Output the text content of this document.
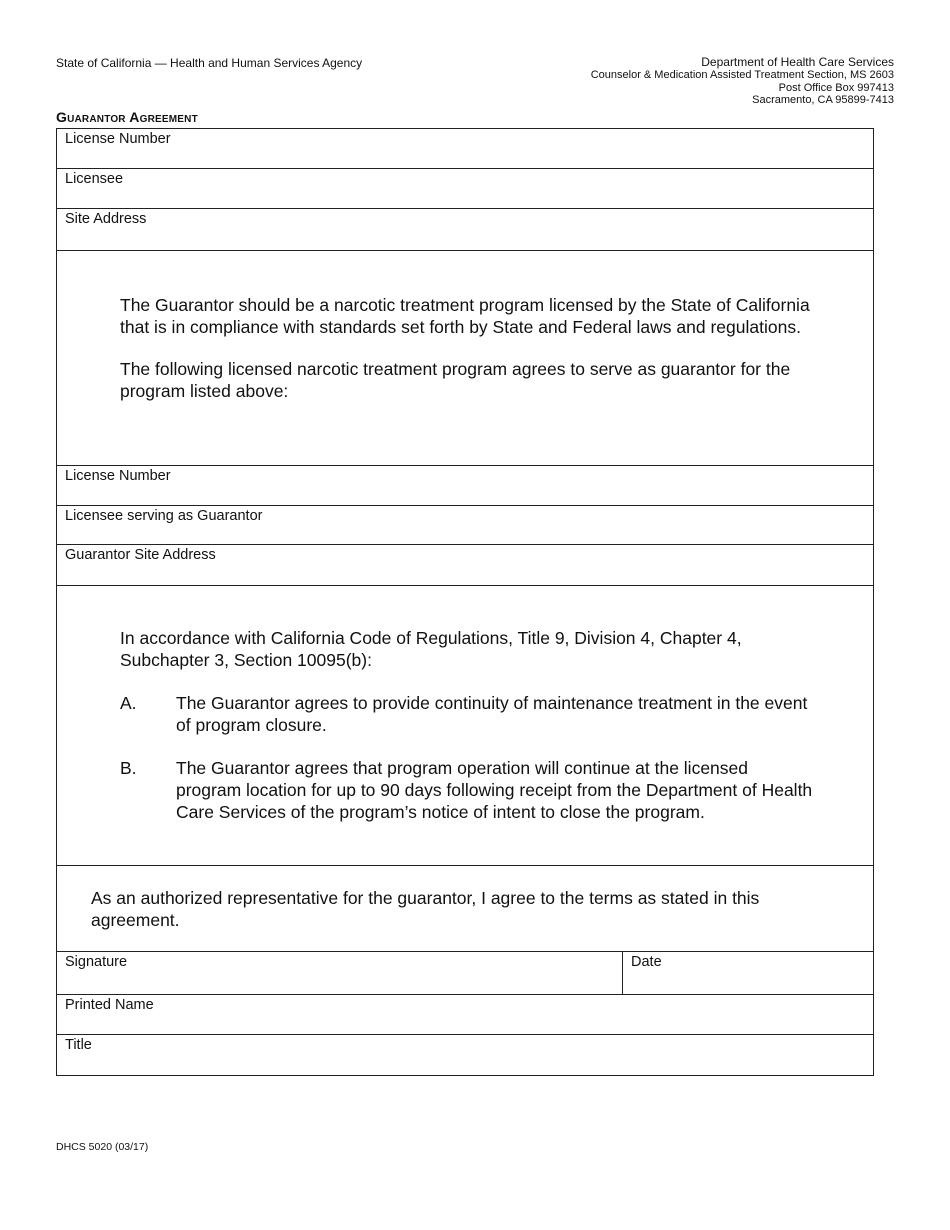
State of California — Health and Human Services Agency	Department of Health Care Services
Counselor & Medication Assisted Treatment Section, MS 2603
Post Office Box 997413
Sacramento, CA 95899-7413
Guarantor Agreement
License Number
Licensee
Site Address

The Guarantor should be a narcotic treatment program licensed by the State of California that is in compliance with standards set forth by State and Federal laws and regulations.

The following licensed narcotic treatment program agrees to serve as guarantor for the program listed above:

License Number
Licensee serving as Guarantor
Guarantor Site Address

In accordance with California Code of Regulations, Title 9, Division 4, Chapter 4, Subchapter 3, Section 10095(b):

A.	The Guarantor agrees to provide continuity of maintenance treatment in the event of program closure.
B.	The Guarantor agrees that program operation will continue at the licensed program location for up to 90 days following receipt from the Department of Health Care Services of the program’s notice of intent to close the program.

As an authorized representative for the guarantor, I agree to the terms as stated in this agreement.

Signature	Date
Printed Name
Title
DHCS 5020 (03/17)
